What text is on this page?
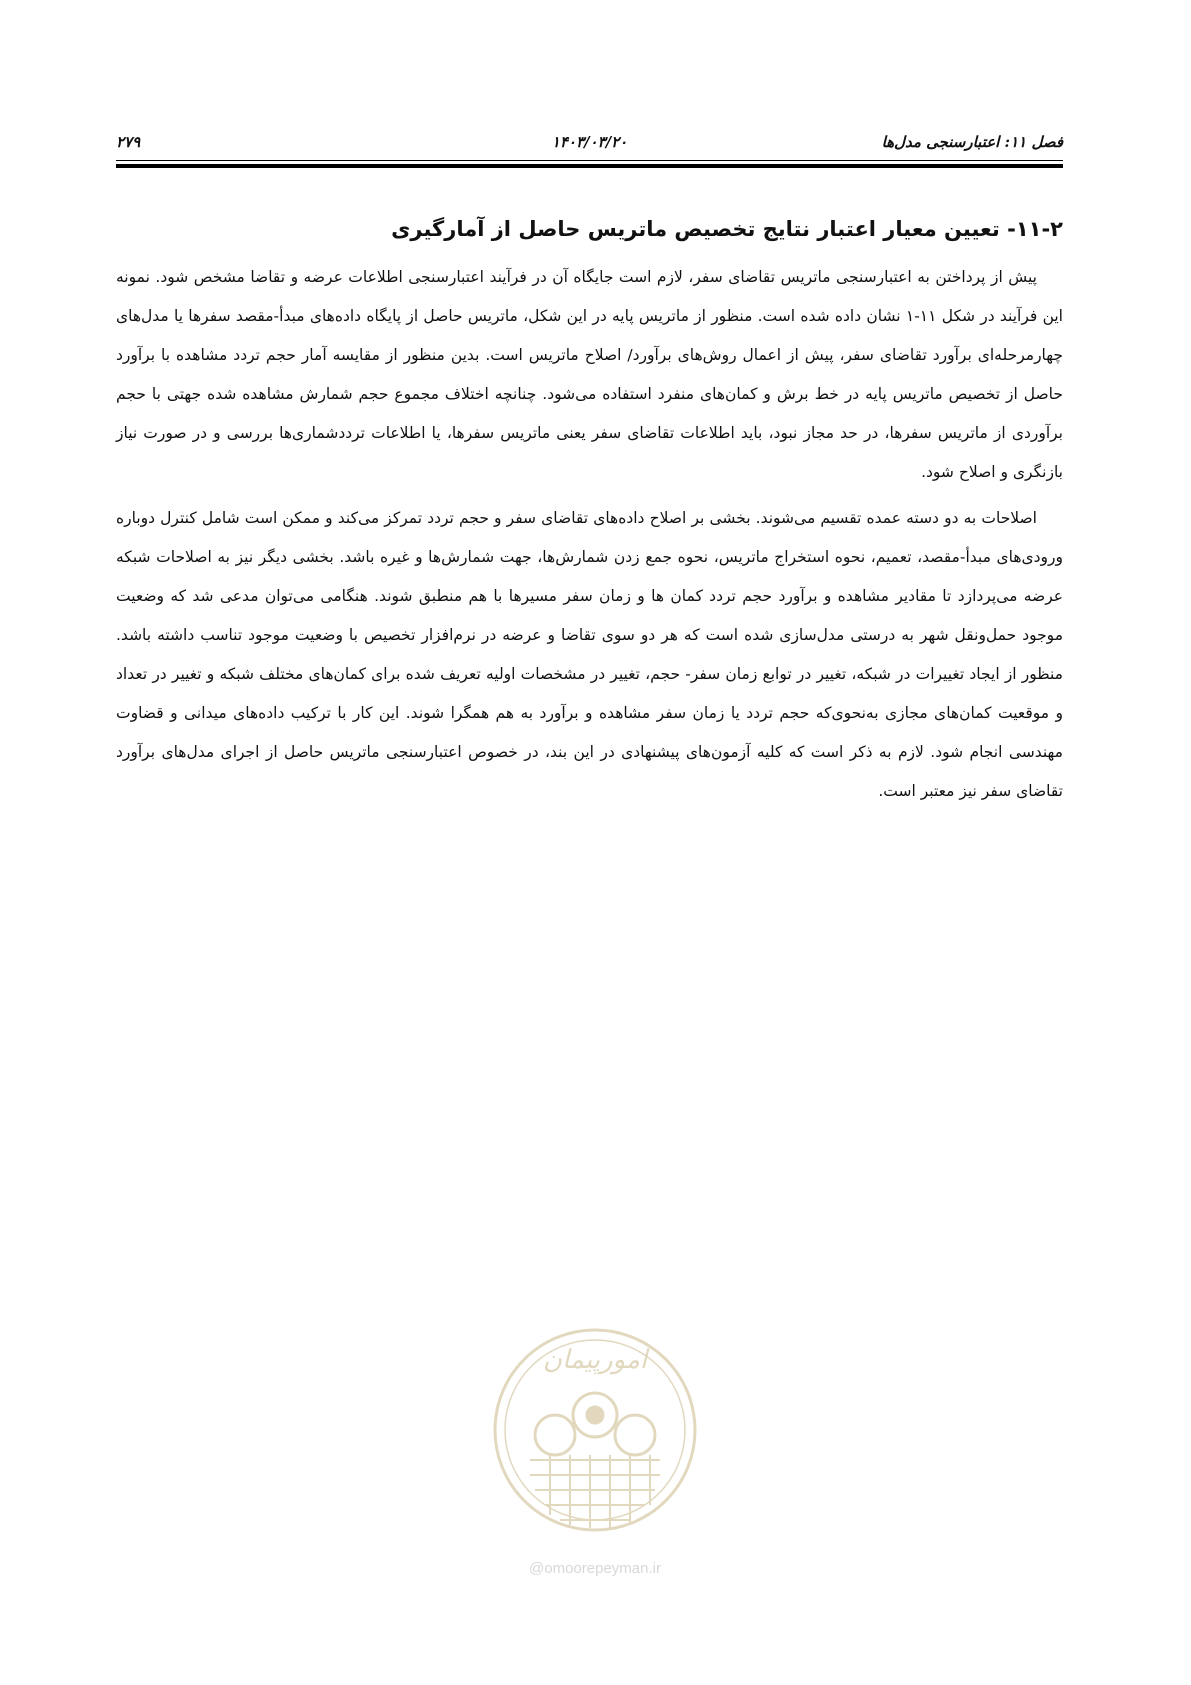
فصل ۱۱: اعتبارسنجی مدل‌ها
۱۴۰۳/۰۳/۲۰
۲۷۹
۱۱-۲- تعیین معیار اعتبار نتایج تخصیص ماتریس حاصل از آمارگیری

پیش از پرداختن به اعتبارسنجی ماتریس تقاضای سفر، لازم است جایگاه آن در فرآیند اعتبارسنجی اطلاعات عرضه و تقاضا مشخص شود. نمونه این فرآیند در شکل ۱۱-۱ نشان داده شده است. منظور از ماتریس پایه در این شکل، ماتریس حاصل از پایگاه داده‌های مبدأ-مقصد سفرها یا مدل‌های چهارمرحله‌ای برآورد تقاضای سفر، پیش از اعمال روش‌های برآورد/ اصلاح ماتریس است. بدین منظور از مقایسه آمار حجم تردد مشاهده با برآورد حاصل از تخصیص ماتریس پایه در خط برش و کمان‌های منفرد استفاده می‌شود. چنانچه اختلاف مجموع حجم شمارش مشاهده شده جهتی با حجم برآوردی از ماتریس سفرها، در حد مجاز نبود، باید اطلاعات تقاضای سفر یعنی ماتریس سفرها، یا اطلاعات ترددشماری‌ها بررسی و در صورت نیاز بازنگری و اصلاح شود.

اصلاحات به دو دسته عمده تقسیم می‌شوند. بخشی بر اصلاح داده‌های تقاضای سفر و حجم تردد تمرکز می‌کند و ممکن است شامل کنترل دوباره ورودی‌های مبدأ-مقصد، تعمیم، نحوه استخراج ماتریس، نحوه جمع زدن شمارش‌ها، جهت شمارش‌ها و غیره باشد. بخشی دیگر نیز به اصلاحات شبکه عرضه می‌پردازد تا مقادیر مشاهده و برآورد حجم تردد کمان ها و زمان سفر مسیرها با هم منطبق شوند. هنگامی می‌توان مدعی شد که وضعیت موجود حمل‌ونقل شهر به درستی مدل‌سازی شده است که هر دو سوی تقاضا و عرضه در نرم‌افزار تخصیص با وضعیت موجود تناسب داشته باشد. منظور از ایجاد تغییرات در شبکه، تغییر در توابع زمان سفر- حجم، تغییر در مشخصات اولیه تعریف شده برای کمان‌های مختلف شبکه و تغییر در تعداد و موقعیت کمان‌های مجازی به‌نحوی‌که حجم تردد یا زمان سفر مشاهده و برآورد به هم همگرا شوند. این کار با ترکیب داده‌های میدانی و قضاوت مهندسی انجام شود. لازم به ذکر است که کلیه آزمون‌های پیشنهادی در این بند، در خصوص اعتبارسنجی ماتریس حاصل از اجرای مدل‌های برآورد تقاضای سفر نیز معتبر است.

امورپیمان
@omoorepeyman.ir
